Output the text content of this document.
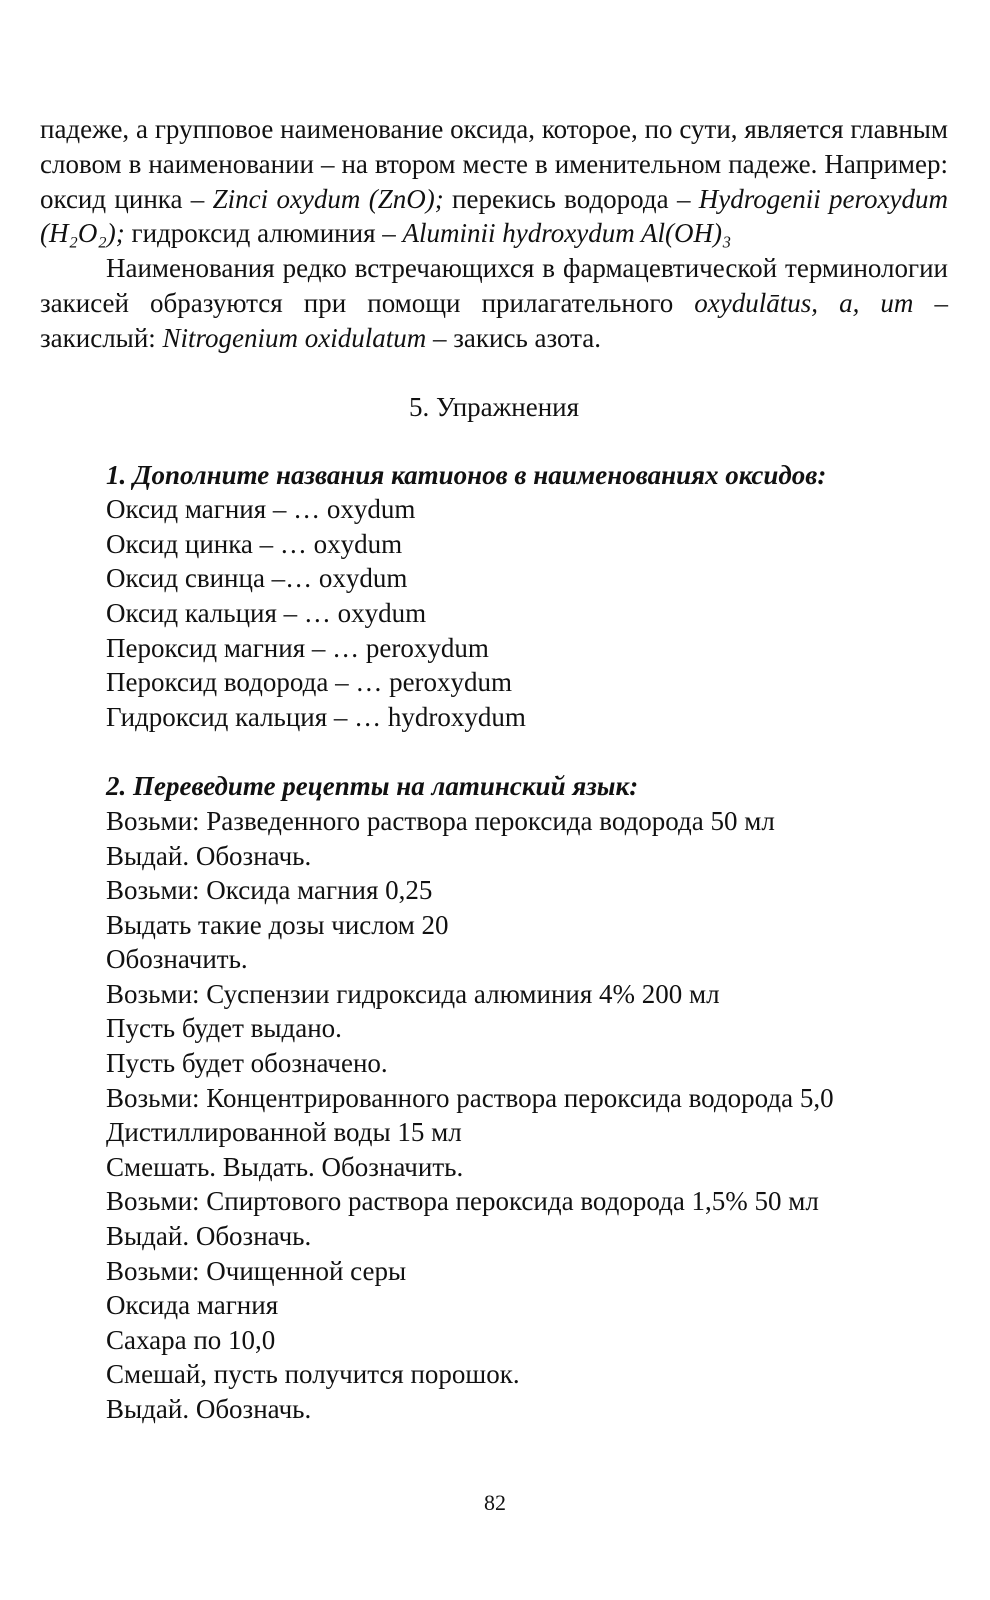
падеже, а групповое наименование оксида, которое, по сути, является главным словом в наименовании – на втором месте в именительном падеже. Например: оксид цинка – Zinci oxydum (ZnO); перекись водорода – Hydrogenii peroxydum (H₂O₂); гидроксид алюминия – Aluminii hydroxydum Al(OH)₃

Наименования редко встречающихся в фармацевтической терминологии закисей образуются при помощи прилагательного oxydulātus, a, um – закислый: Nitrogenium oxidulatum – закись азота.

5. Упражнения
1. Дополните названия катионов в наименованиях оксидов:
Оксид магния – … oxydum
Оксид цинка – … oxydum
Оксид свинца –… oxydum
Оксид кальция – … oxydum
Пероксид магния – … peroxydum
Пероксид водорода – … peroxydum
Гидроксид кальция – … hydroxydum
2. Переведите рецепты на латинский язык:
Возьми: Разведенного раствора пероксида водорода 50 мл
Выдай. Обозначь.
Возьми: Оксида магния 0,25
Выдать такие дозы числом 20
Обозначить.
Возьми: Суспензии гидроксида алюминия 4% 200 мл
Пусть будет выдано.
Пусть будет обозначено.
Возьми: Концентрированного раствора пероксида водорода 5,0
Дистиллированной воды 15 мл
Смешать. Выдать. Обозначить.
Возьми: Спиртового раствора пероксида водорода 1,5% 50 мл
Выдай. Обозначь.
Возьми: Очищенной серы
Оксида магния
Сахара по 10,0
Смешай, пусть получится порошок.
Выдай. Обозначь.
82
